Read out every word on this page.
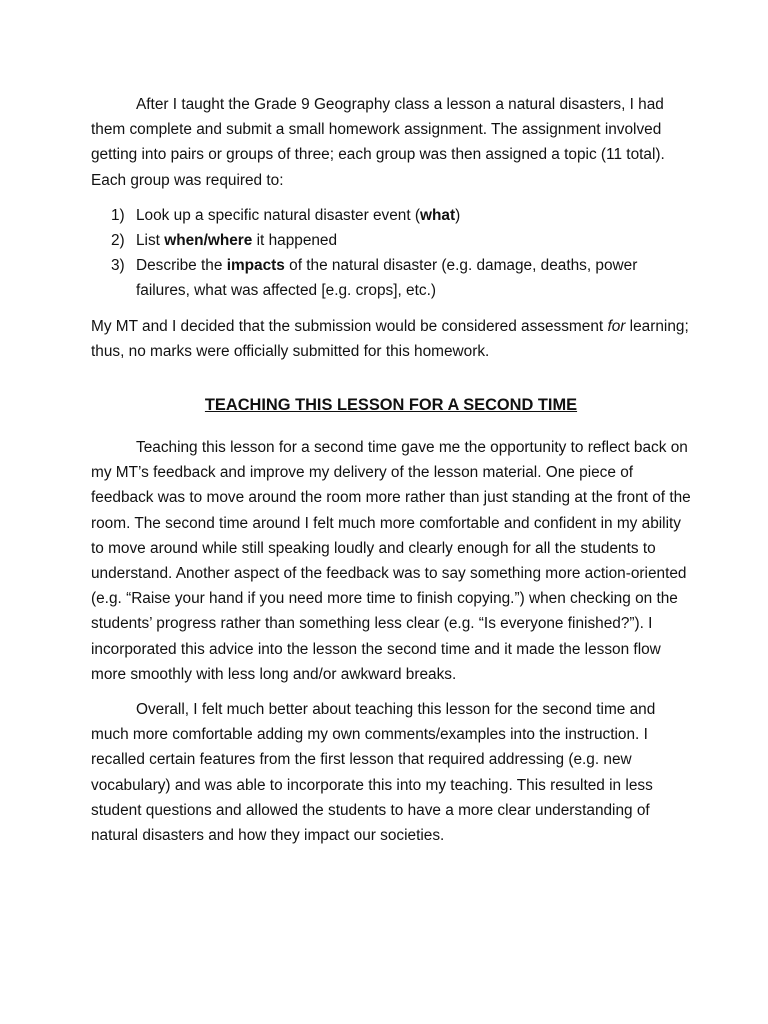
After I taught the Grade 9 Geography class a lesson a natural disasters, I had them complete and submit a small homework assignment. The assignment involved getting into pairs or groups of three; each group was then assigned a topic (11 total). Each group was required to:

1) Look up a specific natural disaster event (what)
2) List when/where it happened
3) Describe the impacts of the natural disaster (e.g. damage, deaths, power failures, what was affected [e.g. crops], etc.)

My MT and I decided that the submission would be considered assessment for learning; thus, no marks were officially submitted for this homework.

TEACHING THIS LESSON FOR A SECOND TIME

Teaching this lesson for a second time gave me the opportunity to reflect back on my MT’s feedback and improve my delivery of the lesson material. One piece of feedback was to move around the room more rather than just standing at the front of the room. The second time around I felt much more comfortable and confident in my ability to move around while still speaking loudly and clearly enough for all the students to understand. Another aspect of the feedback was to say something more action-oriented (e.g. “Raise your hand if you need more time to finish copying.”) when checking on the students’ progress rather than something less clear (e.g. “Is everyone finished?”). I incorporated this advice into the lesson the second time and it made the lesson flow more smoothly with less long and/or awkward breaks.

Overall, I felt much better about teaching this lesson for the second time and much more comfortable adding my own comments/examples into the instruction. I recalled certain features from the first lesson that required addressing (e.g. new vocabulary) and was able to incorporate this into my teaching. This resulted in less student questions and allowed the students to have a more clear understanding of natural disasters and how they impact our societies.
